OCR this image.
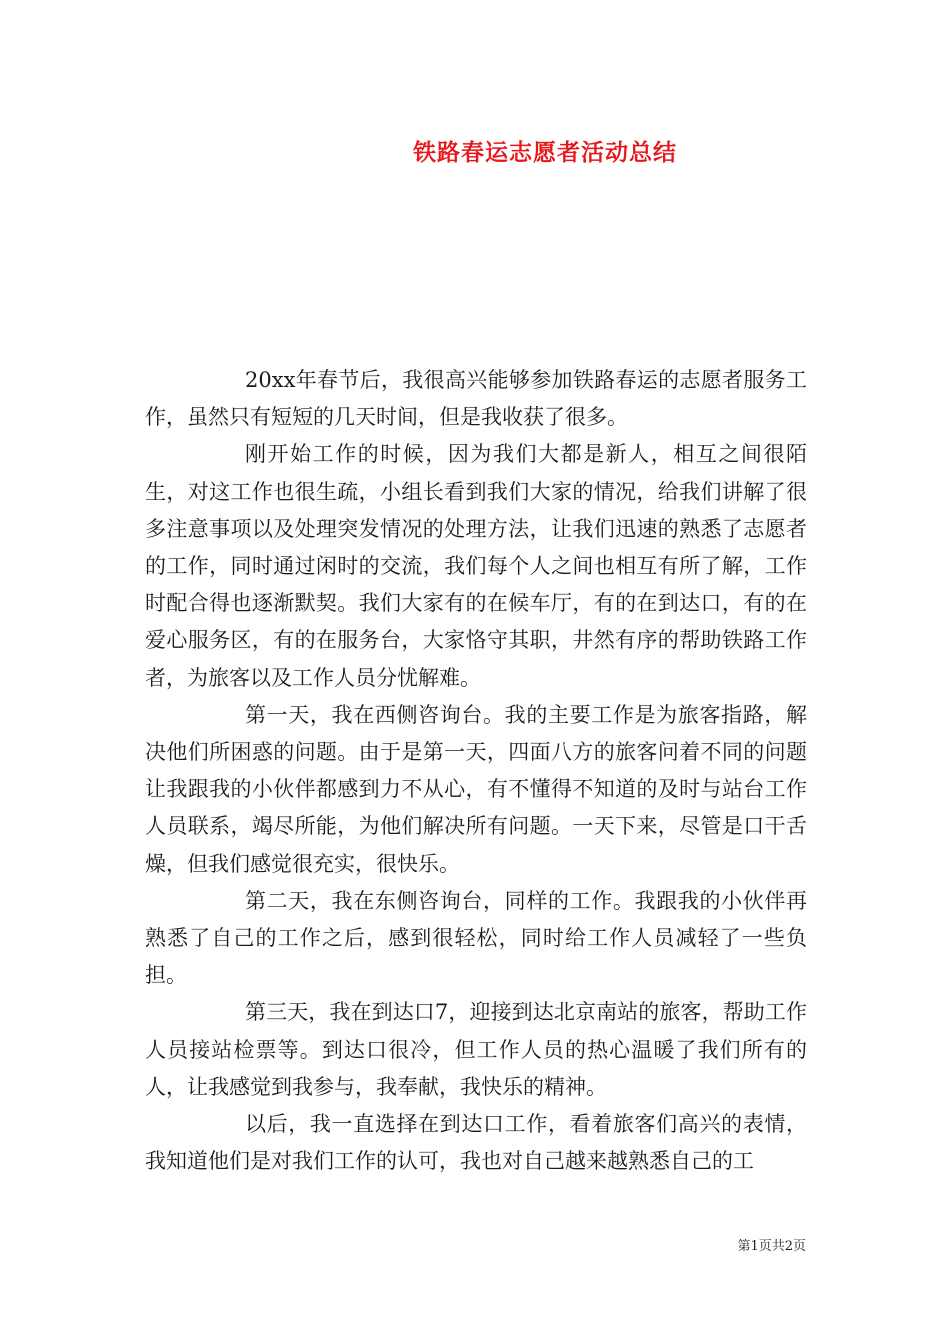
铁路春运志愿者活动总结

20xx年春节后，我很高兴能够参加铁路春运的志愿者服务工作，虽然只有短短的几天时间，但是我收获了很多。

刚开始工作的时候，因为我们大都是新人，相互之间很陌生，对这工作也很生疏，小组长看到我们大家的情况，给我们讲解了很多注意事项以及处理突发情况的处理方法，让我们迅速的熟悉了志愿者的工作，同时通过闲时的交流，我们每个人之间也相互有所了解，工作时配合得也逐渐默契。我们大家有的在候车厅，有的在到达口，有的在爱心服务区，有的在服务台，大家恪守其职，井然有序的帮助铁路工作者，为旅客以及工作人员分忧解难。

第一天，我在西侧咨询台。我的主要工作是为旅客指路，解决他们所困惑的问题。由于是第一天，四面八方的旅客问着不同的问题让我跟我的小伙伴都感到力不从心，有不懂得不知道的及时与站台工作人员联系，竭尽所能，为他们解决所有问题。一天下来，尽管是口干舌燥，但我们感觉很充实，很快乐。

第二天，我在东侧咨询台，同样的工作。我跟我的小伙伴再熟悉了自己的工作之后，感到很轻松，同时给工作人员减轻了一些负担。

第三天，我在到达口7，迎接到达北京南站的旅客，帮助工作人员接站检票等。到达口很冷，但工作人员的热心温暖了我们所有的人，让我感觉到我参与，我奉献，我快乐的精神。

以后，我一直选择在到达口工作，看着旅客们高兴的表情，我知道他们是对我们工作的认可，我也对自己越来越熟悉自己的工

第1页共2页
